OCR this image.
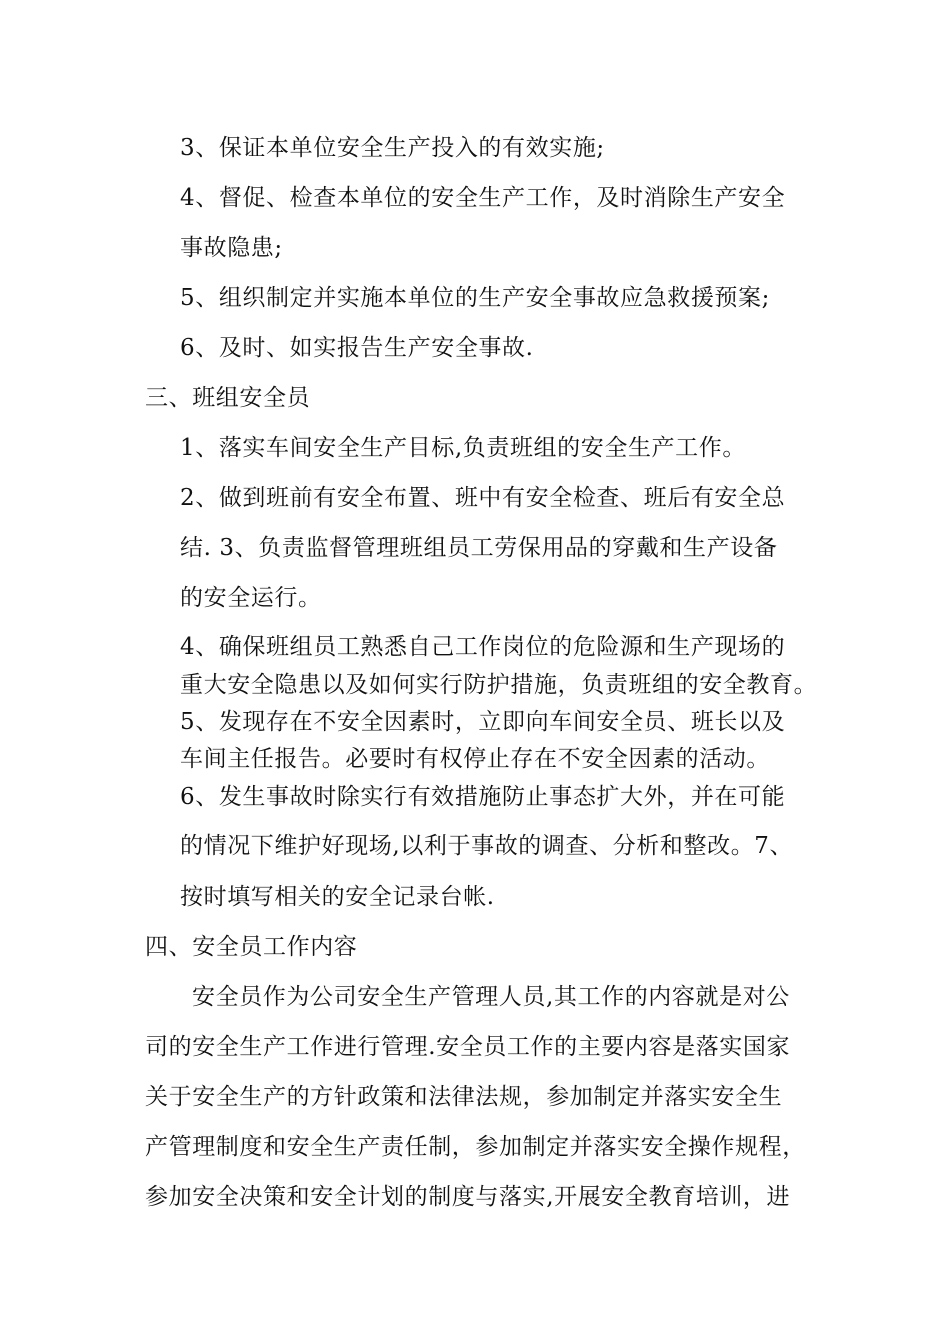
3、保证本单位安全生产投入的有效实施;

4、督促、检查本单位的安全生产工作，及时消除生产安全

事故隐患;

5、组织制定并实施本单位的生产安全事故应急救援预案;

6、及时、如实报告生产安全事故.

三、班组安全员

1、落实车间安全生产目标,负责班组的安全生产工作。

2、做到班前有安全布置、班中有安全检查、班后有安全总

结. 3、负责监督管理班组员工劳保用品的穿戴和生产设备

的安全运行。

4、确保班组员工熟悉自己工作岗位的危险源和生产现场的

重大安全隐患以及如何实行防护措施，负责班组的安全教育。

5、发现存在不安全因素时，立即向车间安全员、班长以及

车间主任报告。必要时有权停止存在不安全因素的活动。

6、发生事故时除实行有效措施防止事态扩大外，并在可能

的情况下维护好现场,以利于事故的调查、分析和整改。7、

按时填写相关的安全记录台帐.

四、安全员工作内容

安全员作为公司安全生产管理人员,其工作的内容就是对公

司的安全生产工作进行管理.安全员工作的主要内容是落实国家

关于安全生产的方针政策和法律法规，参加制定并落实安全生

产管理制度和安全生产责任制，参加制定并落实安全操作规程，

参加安全决策和安全计划的制度与落实,开展安全教育培训，进
